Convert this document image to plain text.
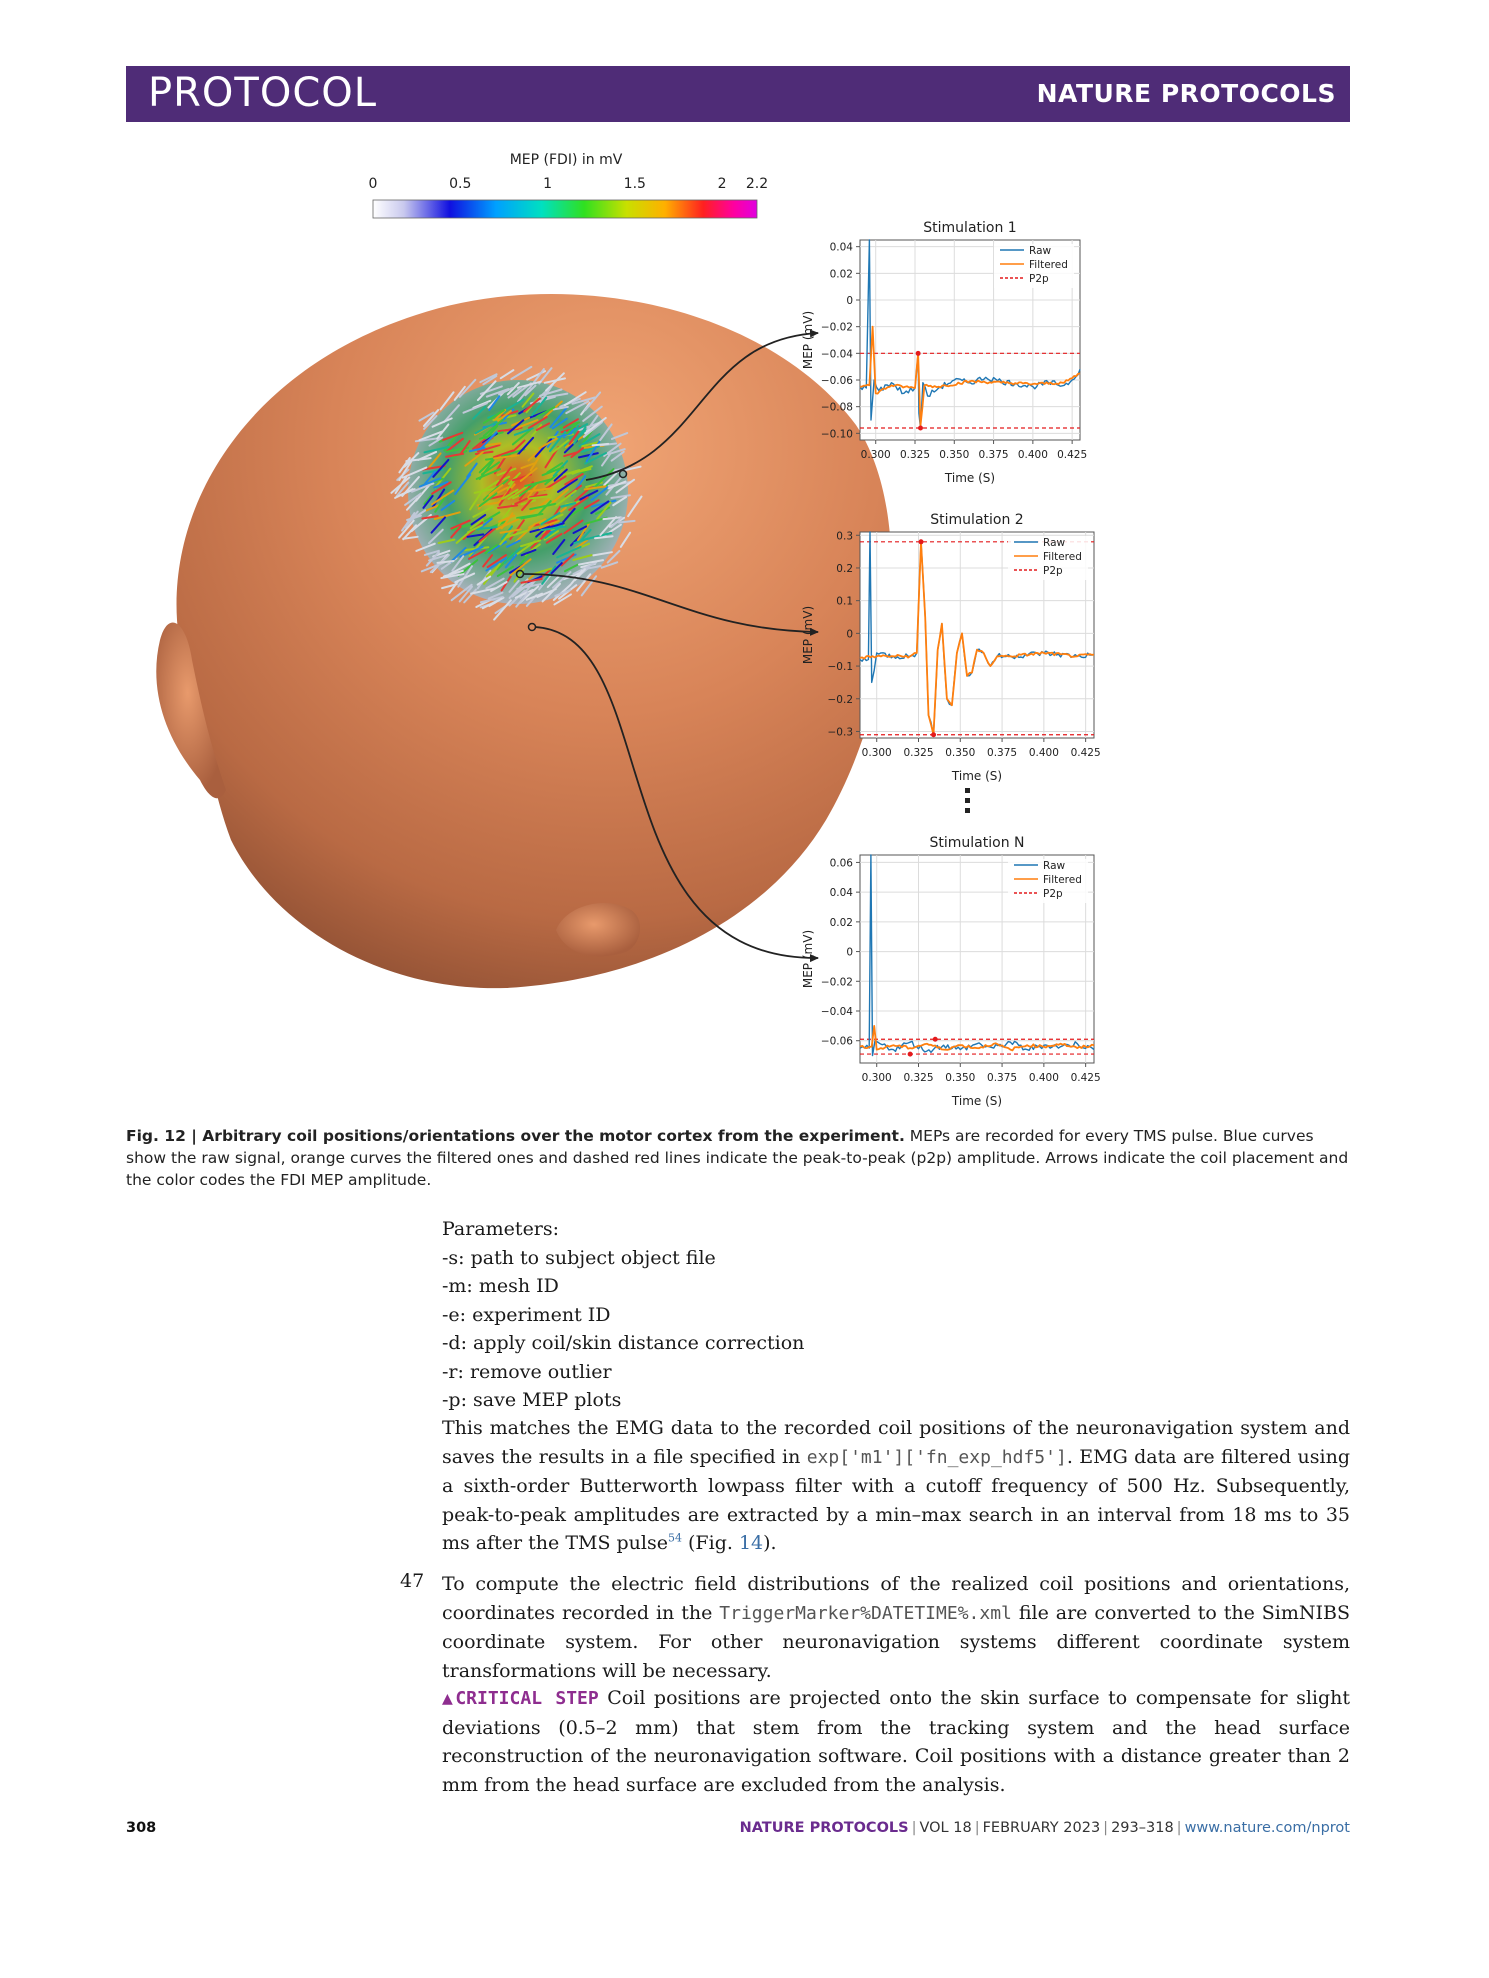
PROTOCOL	NATURE PROTOCOLS
MEP (FDI) in mV
0	0.5	1	1.5	2 2.2
0.04
0.02
0
−0.02
−0.04
−0.06
−0.08
−0.10
0.300 0.325 0.350 0.375 0.400 0.425
Raw
Filtered
P2p
Stimulation 1
Time (S)
MEP (mV)
0.3
0.2
0.1
0
−0.1
−0.2
−0.3
0.300 0.325 0.350 0.375 0.400 0.425
Raw
Filtered
P2p
Stimulation 2
Time (S)
MEP (mV)
0.06
0.04
0.02
0
−0.02
−0.04
−0.06
0.300 0.325 0.350 0.375 0.400 0.425
Raw
Filtered
P2p
Stimulation N
Time (S)
MEP (mV)
Fig. 12 | Arbitrary coil positions/orientations over the motor cortex from the experiment. MEPs are recorded for every TMS pulse. Blue curves show the raw signal, orange curves the filtered ones and dashed red lines indicate the peak-to-peak (p2p) amplitude. Arrows indicate the coil placement and the color codes the FDI MEP amplitude.
Parameters:
-s: path to subject object file
-m: mesh ID
-e: experiment ID
-d: apply coil/skin distance correction
-r: remove outlier
-p: save MEP plots
This matches the EMG data to the recorded coil positions of the neuronavigation system and saves the results in a file specified in exp['m1']['fn_exp_hdf5']. EMG data are filtered using a sixth-order Butterworth lowpass filter with a cutoff frequency of 500 Hz. Subsequently, peak-to-peak amplitudes are extracted by a min–max search in an interval from 18 ms to 35 ms after the TMS pulse$^{54}$ (Fig. 14).
47 To compute the electric field distributions of the realized coil positions and orientations, coordinates recorded in the TriggerMarker%DATETIME%.xml file are converted to the SimNIBS coordinate system. For other neuronavigation systems different coordinate system transformations will be necessary.
▲CRITICAL STEP Coil positions are projected onto the skin surface to compensate for slight deviations (0.5–2 mm) that stem from the tracking system and the head surface reconstruction of the neuronavigation software. Coil positions with a distance greater than 2 mm from the head surface are excluded from the analysis.
308	NATURE PROTOCOLS | VOL 18 | FEBRUARY 2023 | 293–318 | www.nature.com/nprot
